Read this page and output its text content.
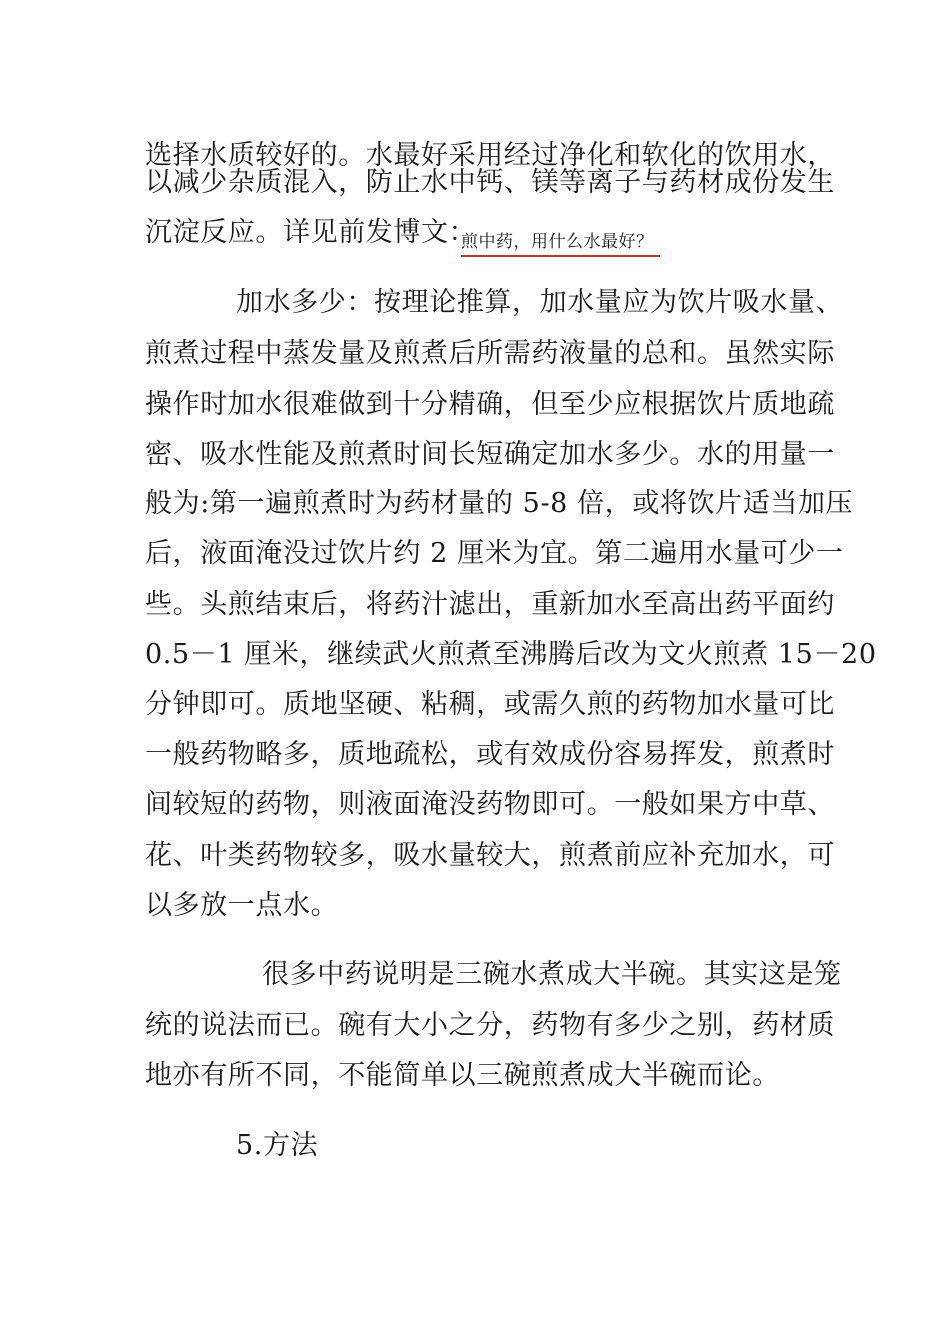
选择水质较好的。水最好采用经过净化和软化的饮用水，
以减少杂质混入，防止水中钙、镁等离子与药材成份发生
沉淀反应。详见前发博文：
煎中药，用什么水最好？
加水多少：按理论推算，加水量应为饮片吸水量、
煎煮过程中蒸发量及煎煮后所需药液量的总和。虽然实际
操作时加水很难做到十分精确，但至少应根据饮片质地疏
密、吸水性能及煎煮时间长短确定加水多少。水的用量一
般为:第一遍煎煮时为药材量的 5-8 倍，或将饮片适当加压
后，液面淹没过饮片约 2 厘米为宜。第二遍用水量可少一
些。头煎结束后，将药汁滤出，重新加水至高出药平面约
0.5－1 厘米，继续武火煎煮至沸腾后改为文火煎煮 15－20
分钟即可。质地坚硬、粘稠，或需久煎的药物加水量可比
一般药物略多，质地疏松，或有效成份容易挥发，煎煮时
间较短的药物，则液面淹没药物即可。一般如果方中草、
花、叶类药物较多，吸水量较大，煎煮前应补充加水，可
以多放一点水。
很多中药说明是三碗水煮成大半碗。其实这是笼
统的说法而已。碗有大小之分，药物有多少之别，药材质
地亦有所不同，不能简单以三碗煎煮成大半碗而论。
5.方法
